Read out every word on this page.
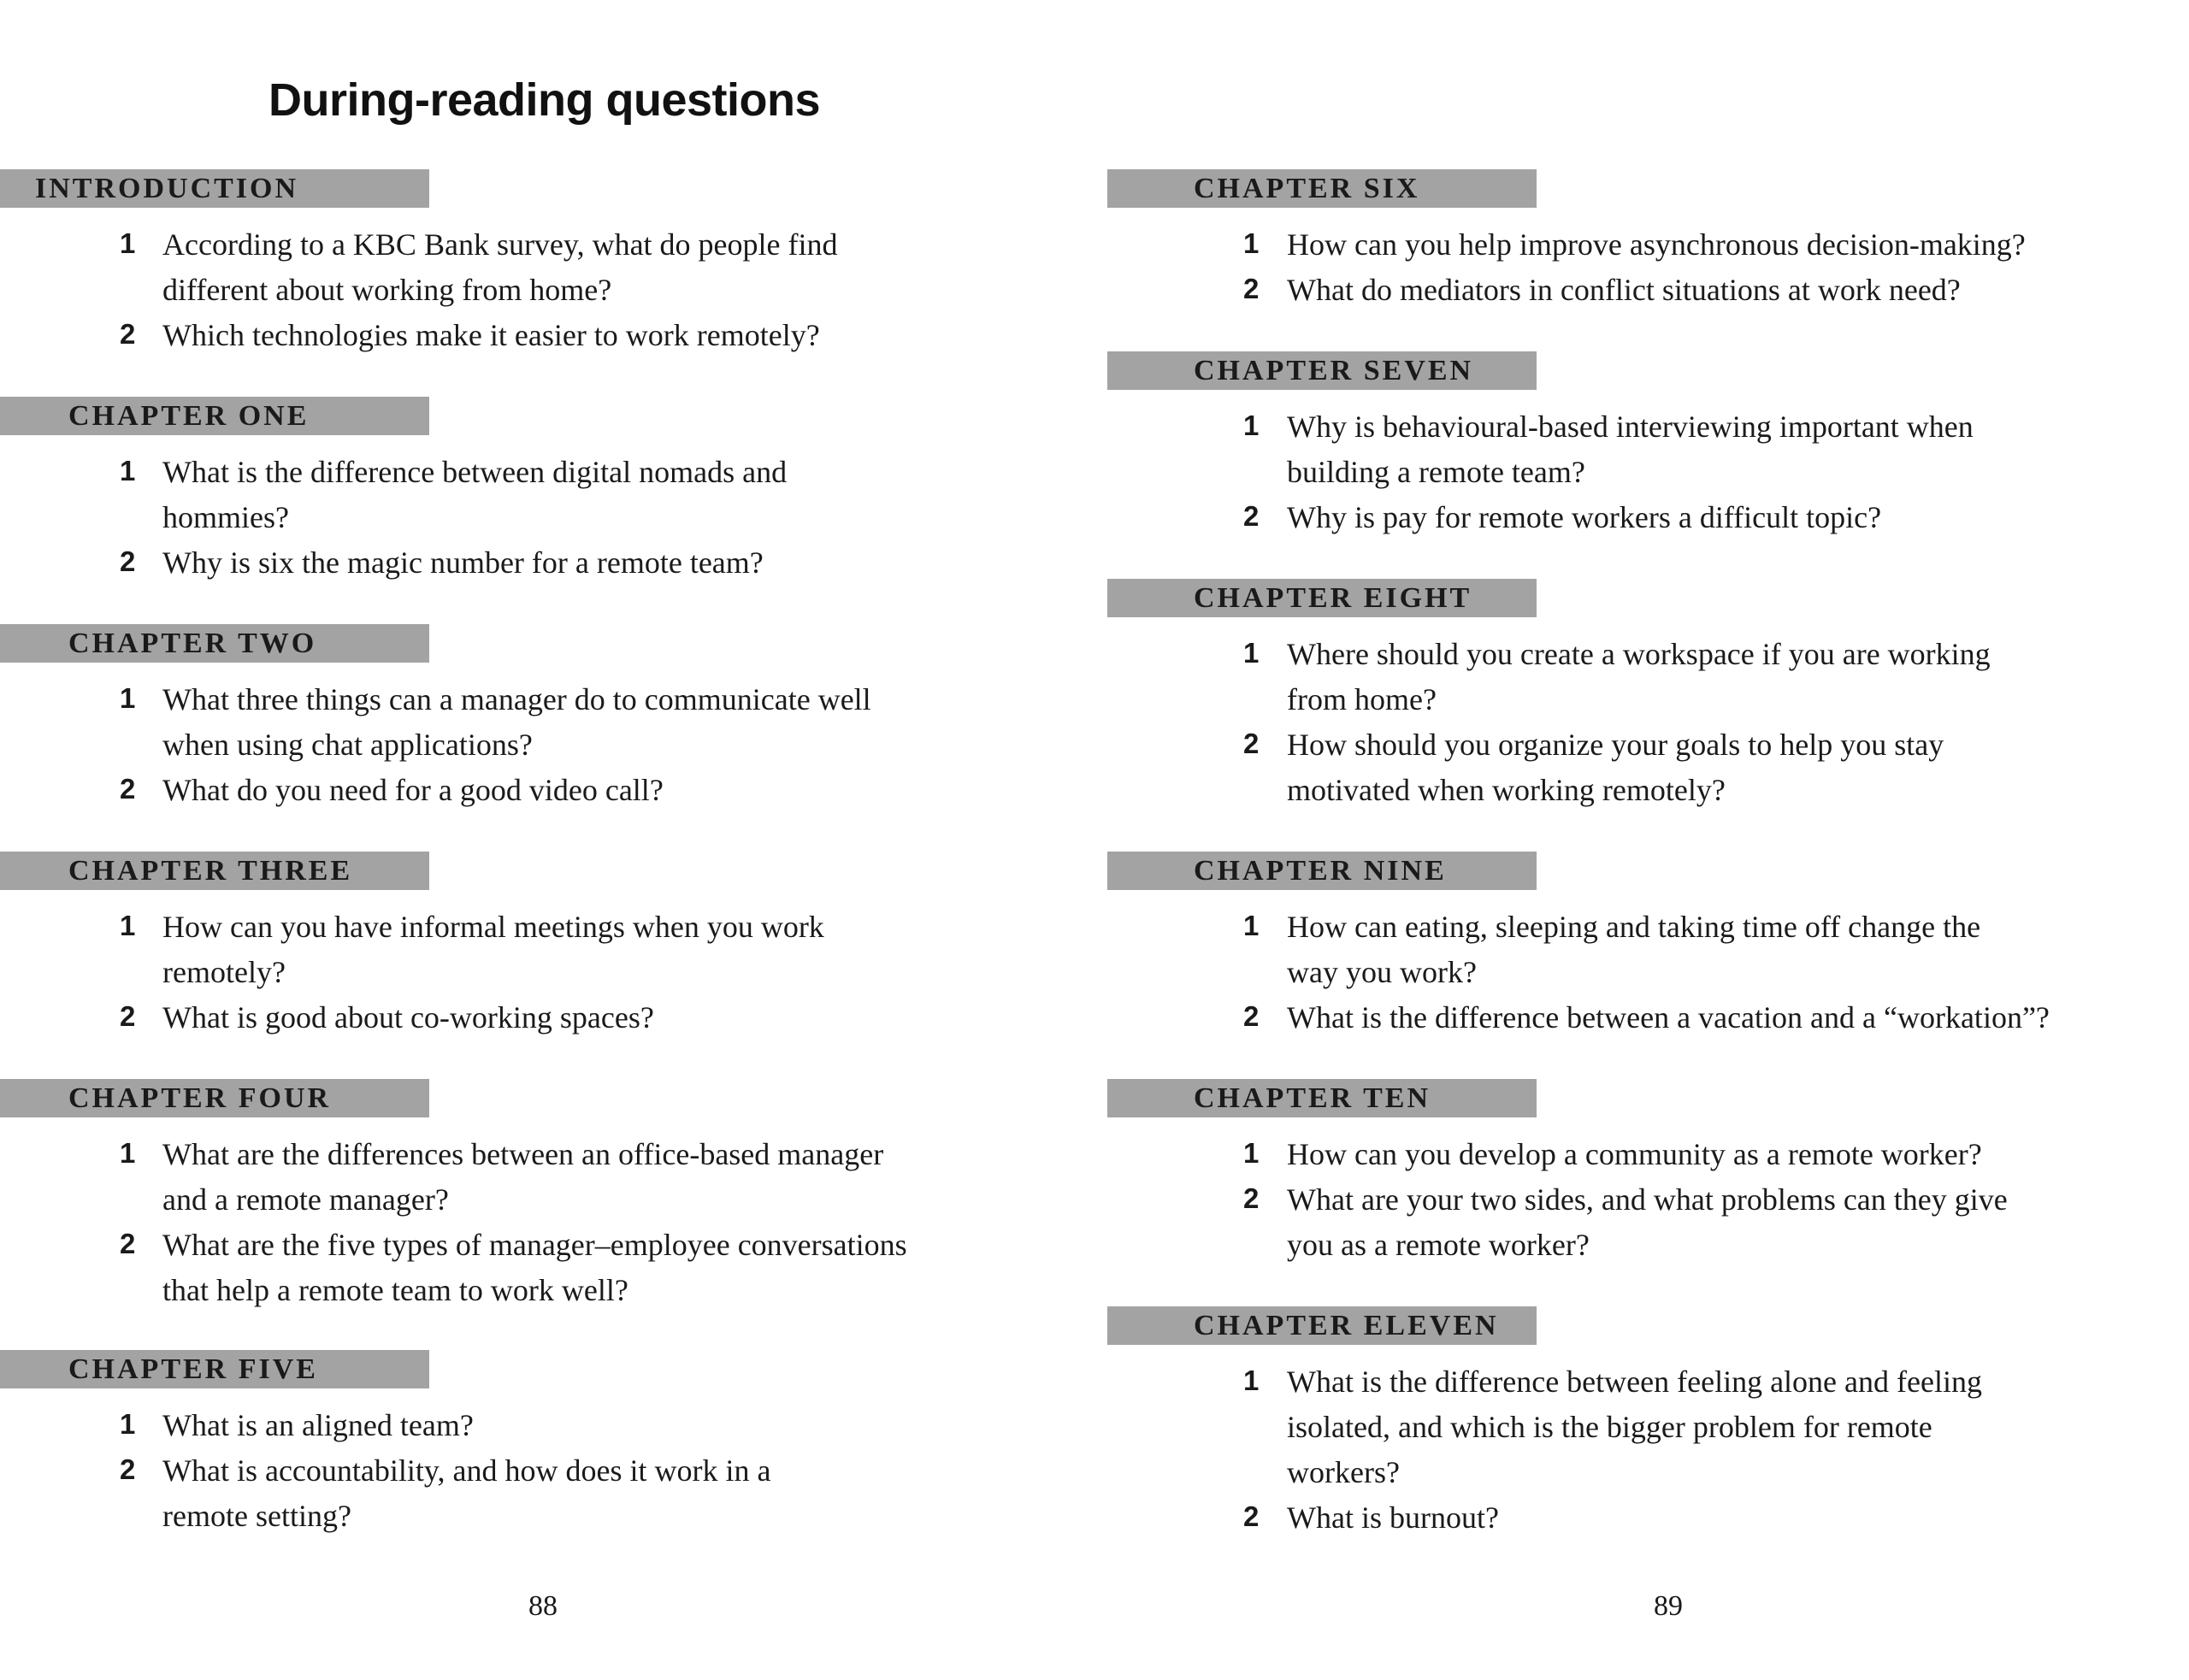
During-reading questions
INTRODUCTION
1 According to a KBC Bank survey, what do people find
different about working from home?
2 Which technologies make it easier to work remotely?
CHAPTER ONE
1 What is the difference between digital nomads and
hommies?
2 Why is six the magic number for a remote team?
CHAPTER TWO
1 What three things can a manager do to communicate well
when using chat applications?
2 What do you need for a good video call?
CHAPTER THREE
1 How can you have informal meetings when you work
remotely?
2 What is good about co-working spaces?
CHAPTER FOUR
1 What are the differences between an office-based manager
and a remote manager?
2 What are the five types of manager–employee conversations
that help a remote team to work well?
CHAPTER FIVE
1 What is an aligned team?
2 What is accountability, and how does it work in a
remote setting?
CHAPTER SIX
1 How can you help improve asynchronous decision-making?
2 What do mediators in conflict situations at work need?
CHAPTER SEVEN
1 Why is behavioural-based interviewing important when
building a remote team?
2 Why is pay for remote workers a difficult topic?
CHAPTER EIGHT
1 Where should you create a workspace if you are working
from home?
2 How should you organize your goals to help you stay
motivated when working remotely?
CHAPTER NINE
1 How can eating, sleeping and taking time off change the
way you work?
2 What is the difference between a vacation and a “workation”?
CHAPTER TEN
1 How can you develop a community as a remote worker?
2 What are your two sides, and what problems can they give
you as a remote worker?
CHAPTER ELEVEN
1 What is the difference between feeling alone and feeling
isolated, and which is the bigger problem for remote
workers?
2 What is burnout?
88	89
